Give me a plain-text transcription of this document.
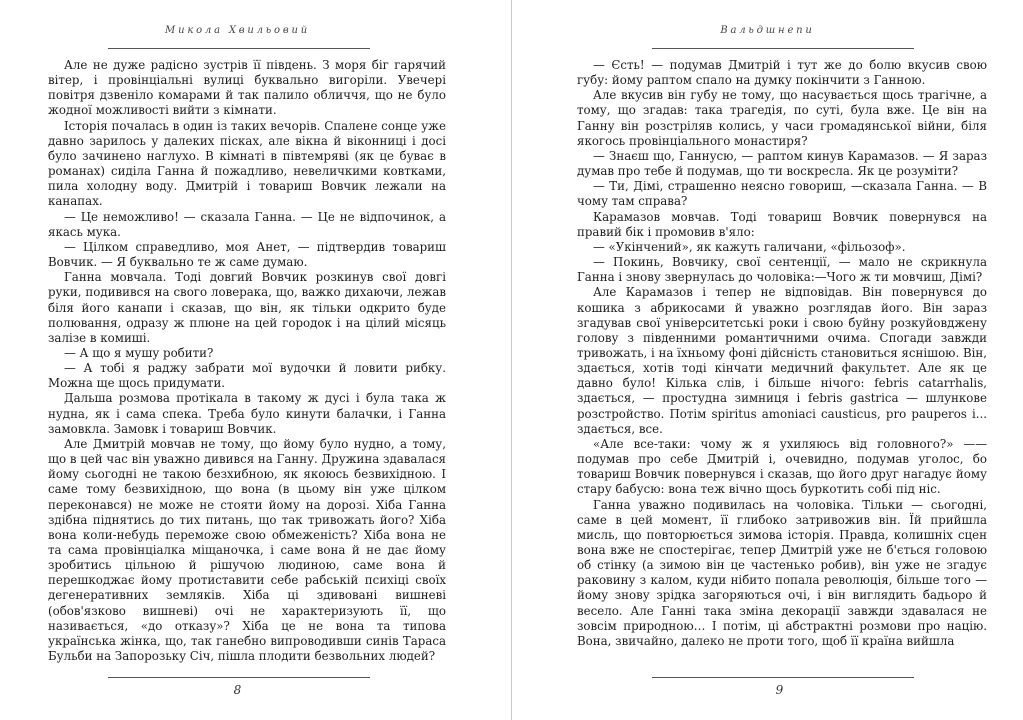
Микола Хвильовий

Але не дуже радісно зустрів її південь. З моря біг гарячий вітер, і провінціальні вулиці буквально вигоріли. Увечері повітря дзвеніло комарами й так палило обличчя, що не було жодної можливості вийти з кімнати.

Історія почалась в один із таких вечорів. Спалене сонце уже давно зарилось у далеких пісках, але вікна й віконниці і досі було зачинено наглухо. В кімнаті в півтемряві (як це буває в романах) сиділа Ганна й пожадливо, невеличкими ковтками, пила холодну воду. Дмитрій і товариш Вовчик лежали на канапах.

— Це неможливо! — сказала Ганна. — Це не відпочинок, а якась мука.

— Цілком справедливо, моя Анет, — підтвердив товариш Вовчик. — Я буквально те ж саме думаю.

Ганна мовчала. Тоді довгий Вовчик розкинув свої довгі руки, подивився на свого ловерака, що, важко дихаючи, лежав біля його канапи і сказав, що він, як тільки одкрито буде полювання, одразу ж плюне на цей городок і на цілий місяць залізе в комиші.

— А що я мушу робити?

— А тобі я раджу забрати мої вудочки й ловити рибку. Можна ще щось придумати.

Дальша розмова протікала в такому ж дусі і була така ж нудна, як і сама спека. Треба було кинути балачки, і Ганна замовкла. Замовк і товариш Вовчик.

Але Дмитрій мовчав не тому, що йому було нудно, а тому, що в цей час він уважно дивився на Ганну. Дружина здавалася йому сьогодні не такою безхибною, як якоюсь безвихідною. І саме тому безвихідною, що вона (в цьому він уже цілком переконався) не може не стояти йому на дорозі. Хіба Ганна здібна піднятись до тих питань, що так тривожать його? Хіба вона коли-небудь переможе свою обмеженість? Хіба вона не та сама провінціалка міщаночка, і саме вона й не дає йому зробитись цільною й рішучою людиною, саме вона й перешкоджає йому протиставити себе рабській психіці своїх дегенеративних земляків. Хіба ці здивовані вишневі (обов'язково вишневі) очі не характеризують її, що називається, «до отказу»? Хіба це не вона та типова українська жінка, що, так ганебно випроводивши синів Тараса Бульби на Запорозьку Січ, пішла плодити безвольних людей?

8
Вальдшнепи

— Єсть! — подумав Дмитрій і тут же до болю вкусив свою губу: йому раптом спало на думку покінчити з Ганною.

Але вкусив він губу не тому, що насувається щось трагічне, а тому, що згадав: така трагедія, по суті, була вже. Це він на Ганну він розстріляв колись, у часи громадянської війни, біля якогось провінціального монастиря?

— Знаєш що, Ганнусю, — раптом кинув Карамазов. — Я зараз думав про тебе й подумав, що ти воскресла. Як це розуміти?

— Ти, Дімі, страшенно неясно говориш, —сказала Ганна. — В чому там справа?

Карамазов мовчав. Тоді товариш Вовчик повернувся на правий бік і промовив в'яло:

— «Укінчений», як кажуть галичани, «фільозоф».

— Покинь, Вовчику, свої сентенції, — мало не скрикнула Ганна і знову звернулась до чоловіка:—Чого ж ти мовчиш, Дімі?

Але Карамазов і тепер не відповідав. Він повернувся до кошика з абрикосами й уважно розглядав його. Він зараз згадував свої університетські роки і свою буйну розкуйовджену голову з південними романтичними очима. Спогади завжди тривожать, і на їхньому фоні дійсність становиться яснішою. Він, здається, хотів тоді кінчати медичний факультет. Але як це давно було! Кілька слів, і більше нічого: febris catarrhalis, здається, — простудна зимниця і febris gastrica — шлункове розстройство. Потім spiritus amoniaci causticus, pro pauperos і... здається, все.

«Але все-таки: чому ж я ухиляюсь від головного?» —— подумав про себе Дмитрій і, очевидно, подумав уголос, бо товариш Вовчик повернувся і сказав, що його друг нагадує йому стару бабусю: вона теж вічно щось буркотить собі під ніс.

Ганна уважно подивилась на чоловіка. Тільки — сьогодні, саме в цей момент, її глибоко затривожив він. Їй прийшла мисль, що повторюється зимова історія. Правда, колишніх сцен вона вже не спостерігає, тепер Дмитрій уже не б'ється головою об стінку (а зимою він це частенько робив), він уже не згадує раковину з калом, куди нібито попала революція, більше того — йому знову зрідка загоряються очі, і він виглядить бадьоро й весело. Але Ганні така зміна декорації завжди здавалася не зовсім природною… І потім, ці абстрактні розмови про націю. Вона, звичайно, далеко не проти того, щоб її країна вийшла

9
